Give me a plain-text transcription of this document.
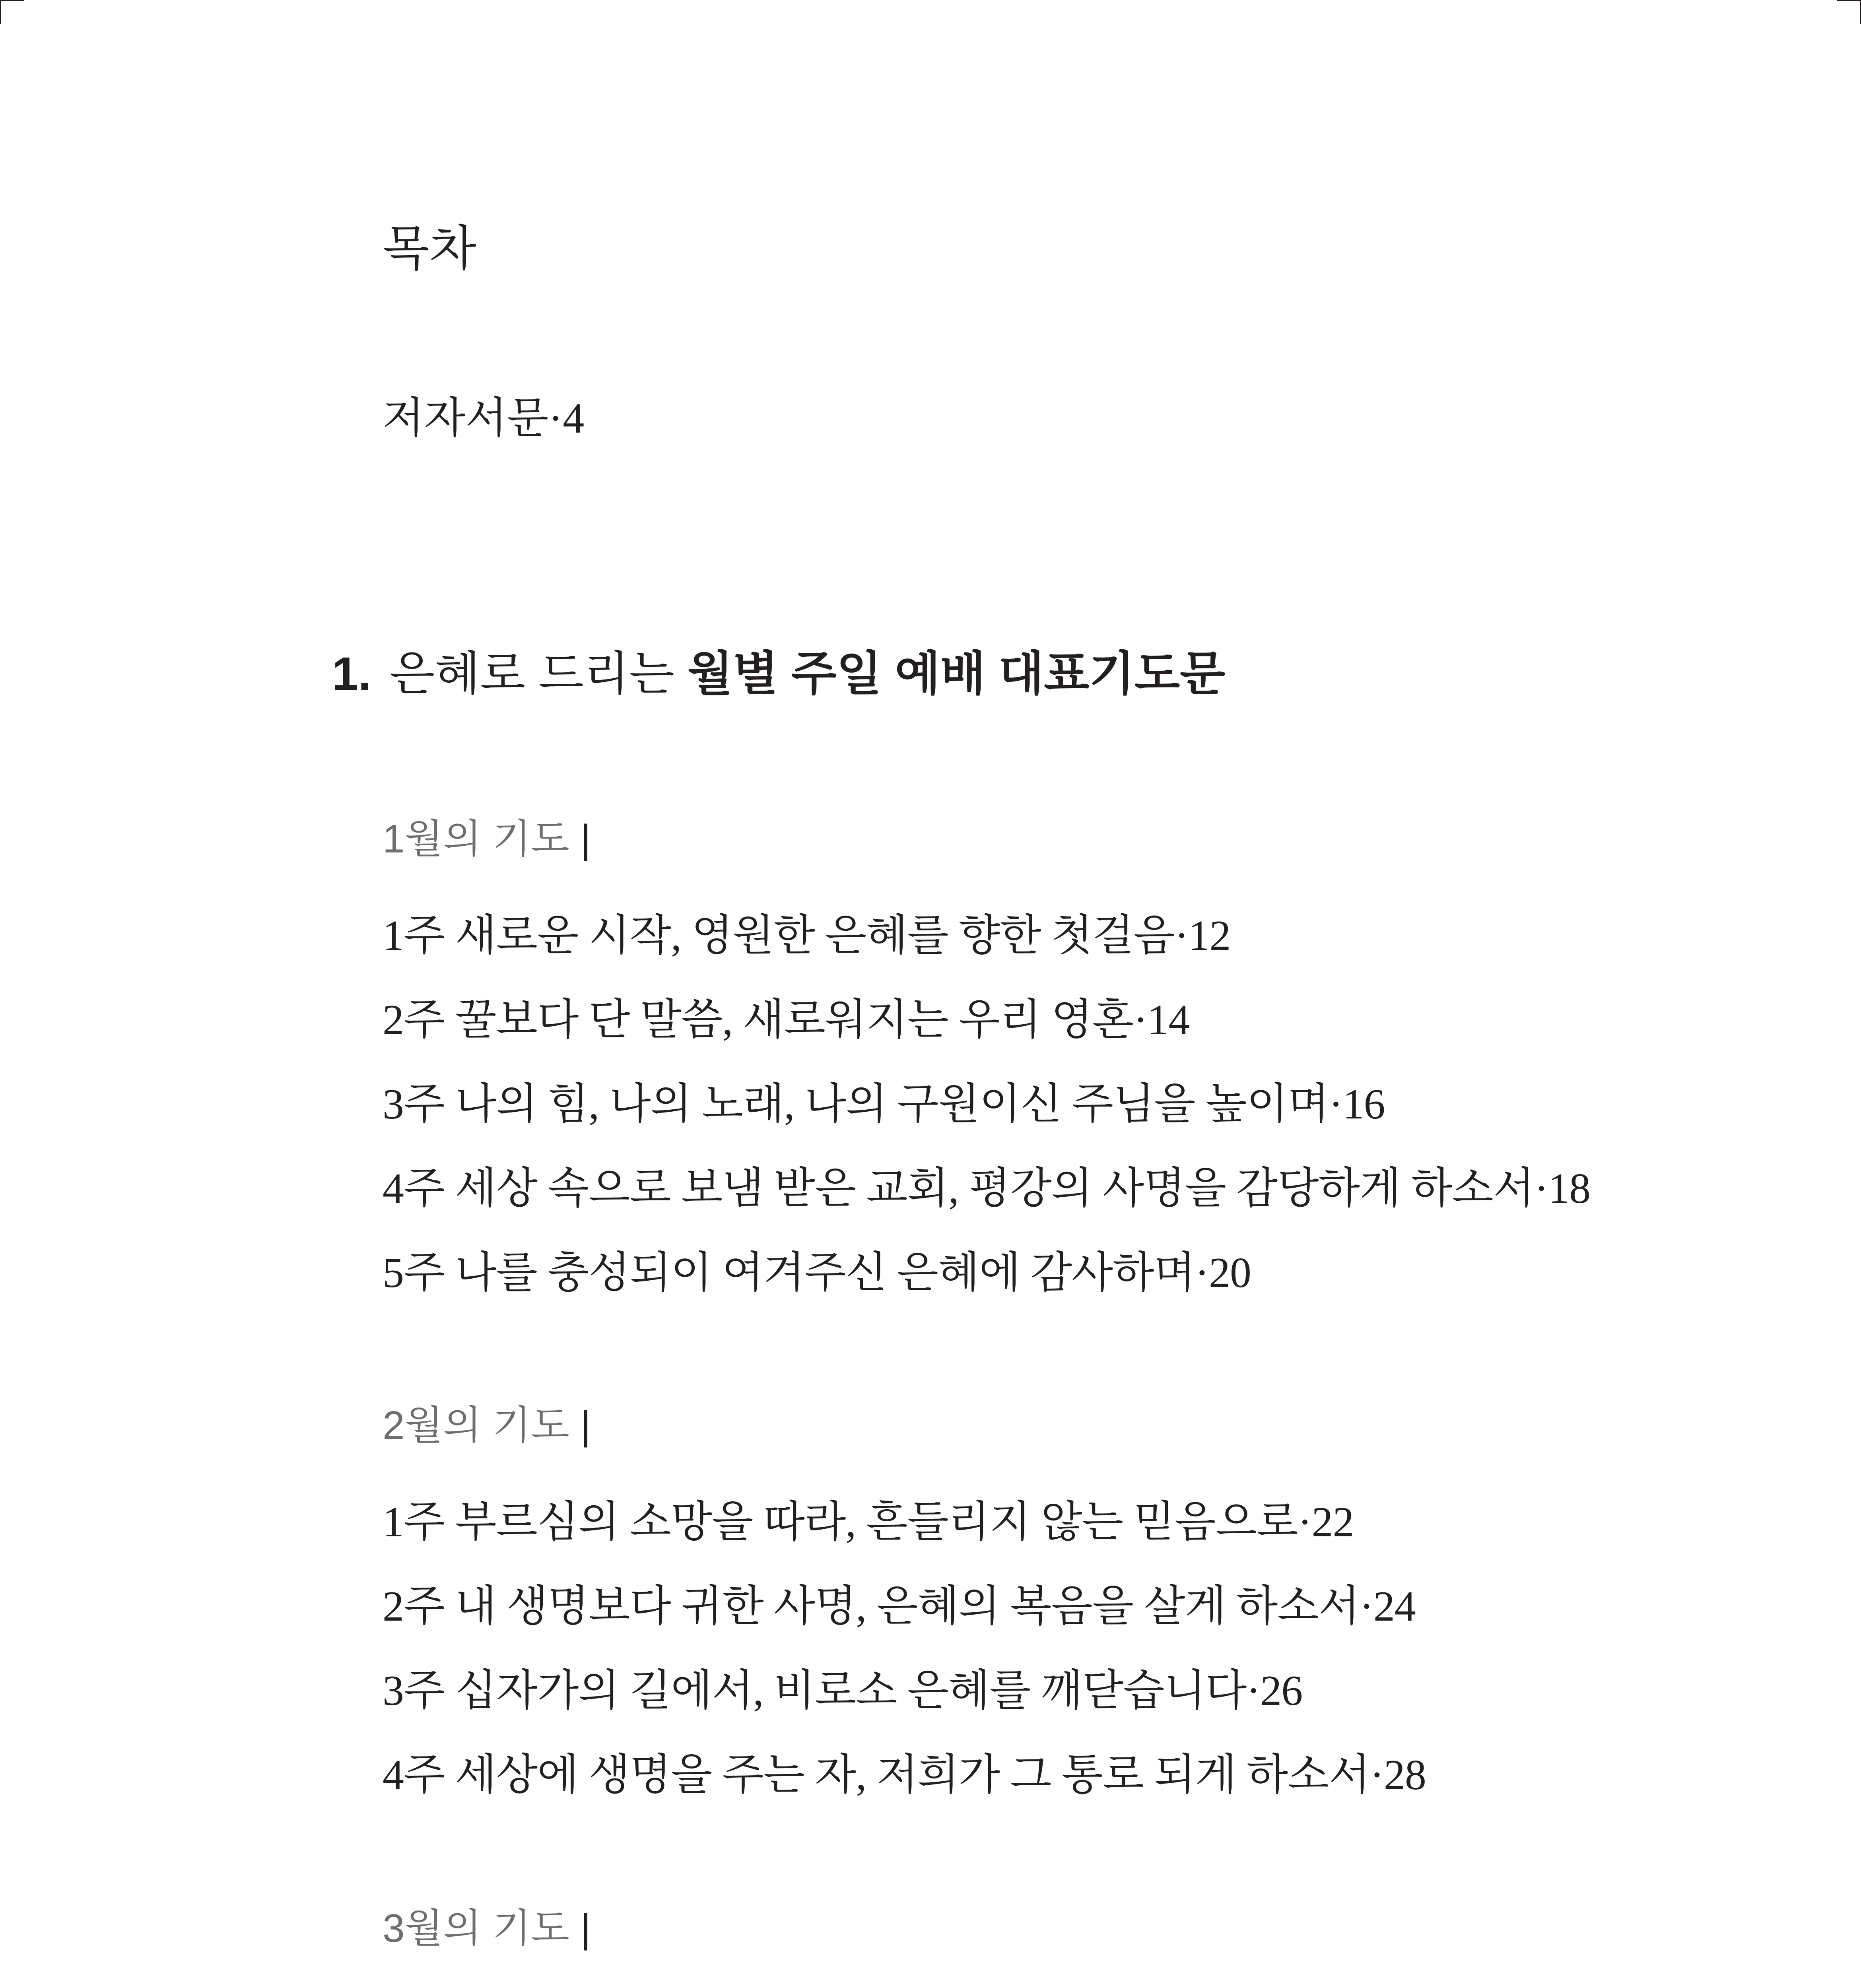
목차
저자서문·4
1. 은혜로 드리는 월별 주일 예배 대표기도문
1월의 기도 |
1주 새로운 시작, 영원한 은혜를 향한 첫걸음·12
2주 꿀보다 단 말씀, 새로워지는 우리 영혼·14
3주 나의 힘, 나의 노래, 나의 구원이신 주님을 높이며·16
4주 세상 속으로 보냄 받은 교회, 평강의 사명을 감당하게 하소서·18
5주 나를 충성되이 여겨주신 은혜에 감사하며·20
2월의 기도 |
1주 부르심의 소망을 따라, 흔들리지 않는 믿음으로·22
2주 내 생명보다 귀한 사명, 은혜의 복음을 살게 하소서·24
3주 십자가의 길에서, 비로소 은혜를 깨닫습니다·26
4주 세상에 생명을 주는 자, 저희가 그 통로 되게 하소서·28
3월의 기도 |
